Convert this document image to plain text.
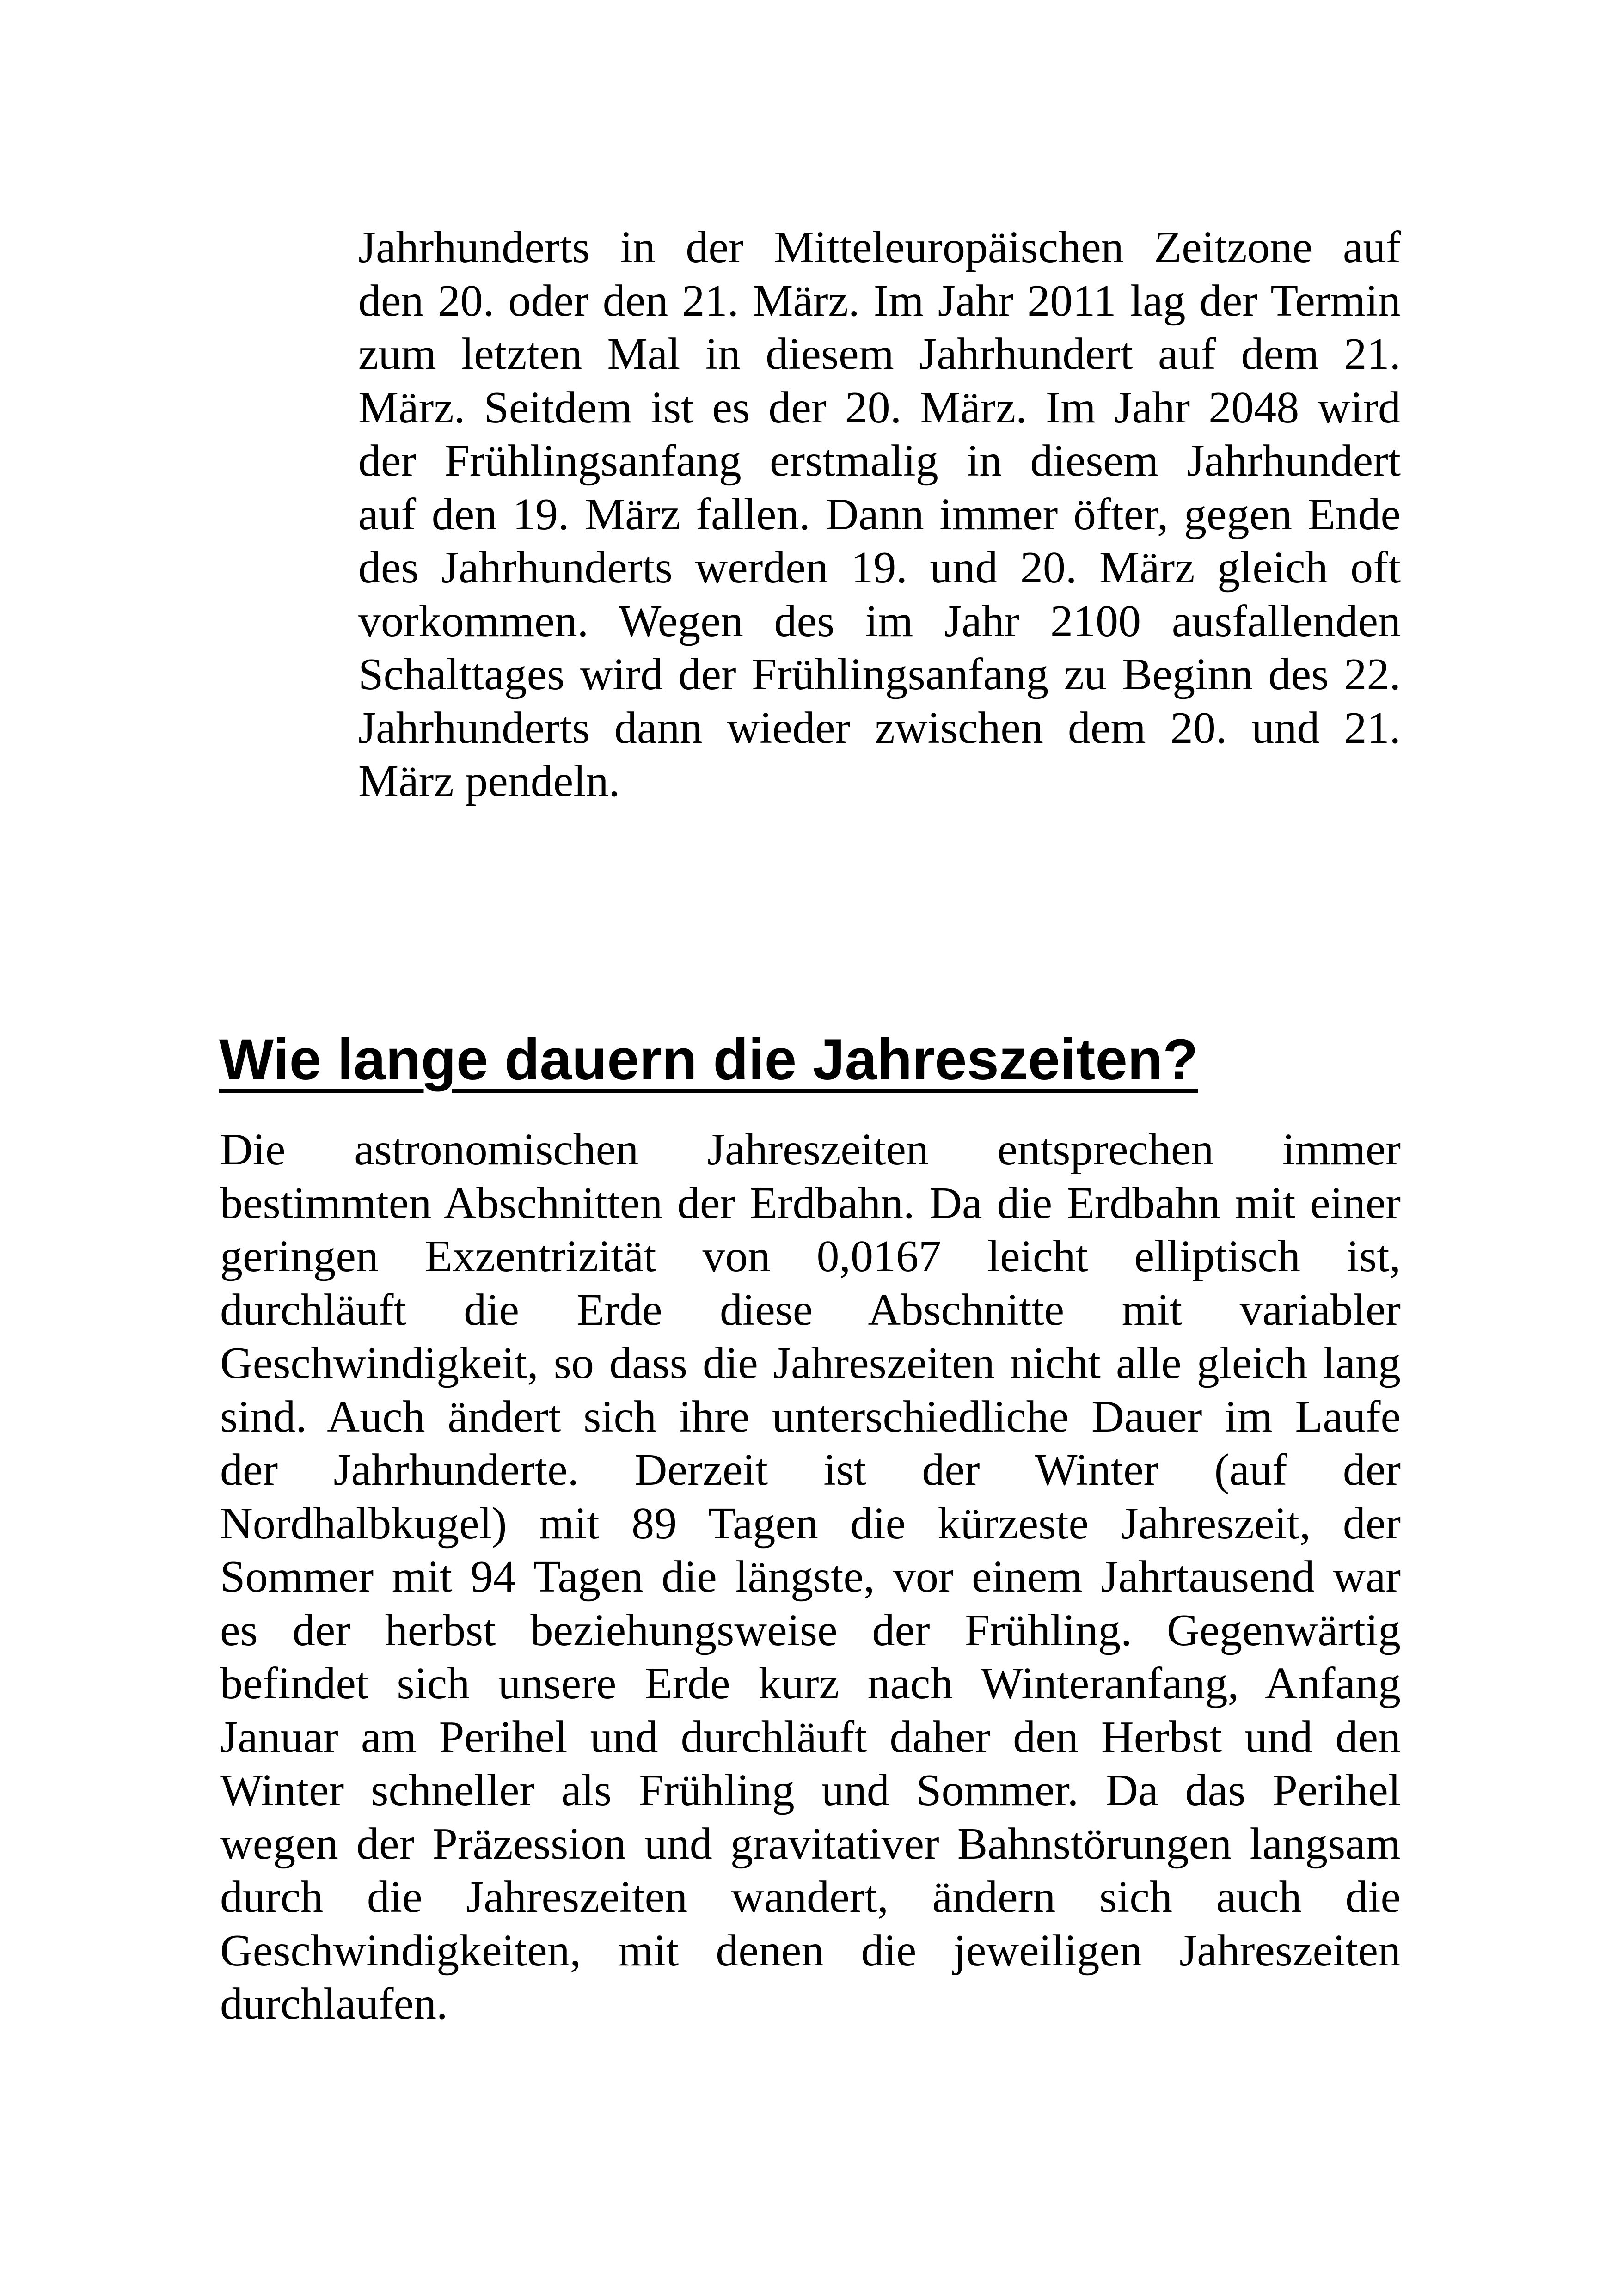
Jahrhunderts in der Mitteleuropäischen Zeitzone auf
den 20. oder den 21. März. Im Jahr 2011 lag der Termin
zum letzten Mal in diesem Jahrhundert auf dem 21.
März. Seitdem ist es der 20. März. Im Jahr 2048 wird
der Frühlingsanfang erstmalig in diesem Jahrhundert
auf den 19. März fallen. Dann immer öfter, gegen Ende
des Jahrhunderts werden 19. und 20. März gleich oft
vorkommen. Wegen des im Jahr 2100 ausfallenden
Schalttages wird der Frühlingsanfang zu Beginn des 22.
Jahrhunderts dann wieder zwischen dem 20. und 21.
März pendeln.
Wie lange dauern die Jahreszeiten?
Die astronomischen Jahreszeiten entsprechen immer
bestimmten Abschnitten der Erdbahn. Da die Erdbahn mit einer
geringen Exzentrizität von 0,0167 leicht elliptisch ist,
durchläuft die Erde diese Abschnitte mit variabler
Geschwindigkeit, so dass die Jahreszeiten nicht alle gleich lang
sind. Auch ändert sich ihre unterschiedliche Dauer im Laufe
der Jahrhunderte. Derzeit ist der Winter (auf der
Nordhalbkugel) mit 89 Tagen die kürzeste Jahreszeit, der
Sommer mit 94 Tagen die längste, vor einem Jahrtausend war
es der herbst beziehungsweise der Frühling. Gegenwärtig
befindet sich unsere Erde kurz nach Winteranfang, Anfang
Januar am Perihel und durchläuft daher den Herbst und den
Winter schneller als Frühling und Sommer. Da das Perihel
wegen der Präzession und gravitativer Bahnstörungen langsam
durch die Jahreszeiten wandert, ändern sich auch die
Geschwindigkeiten, mit denen die jeweiligen Jahreszeiten
durchlaufen.
